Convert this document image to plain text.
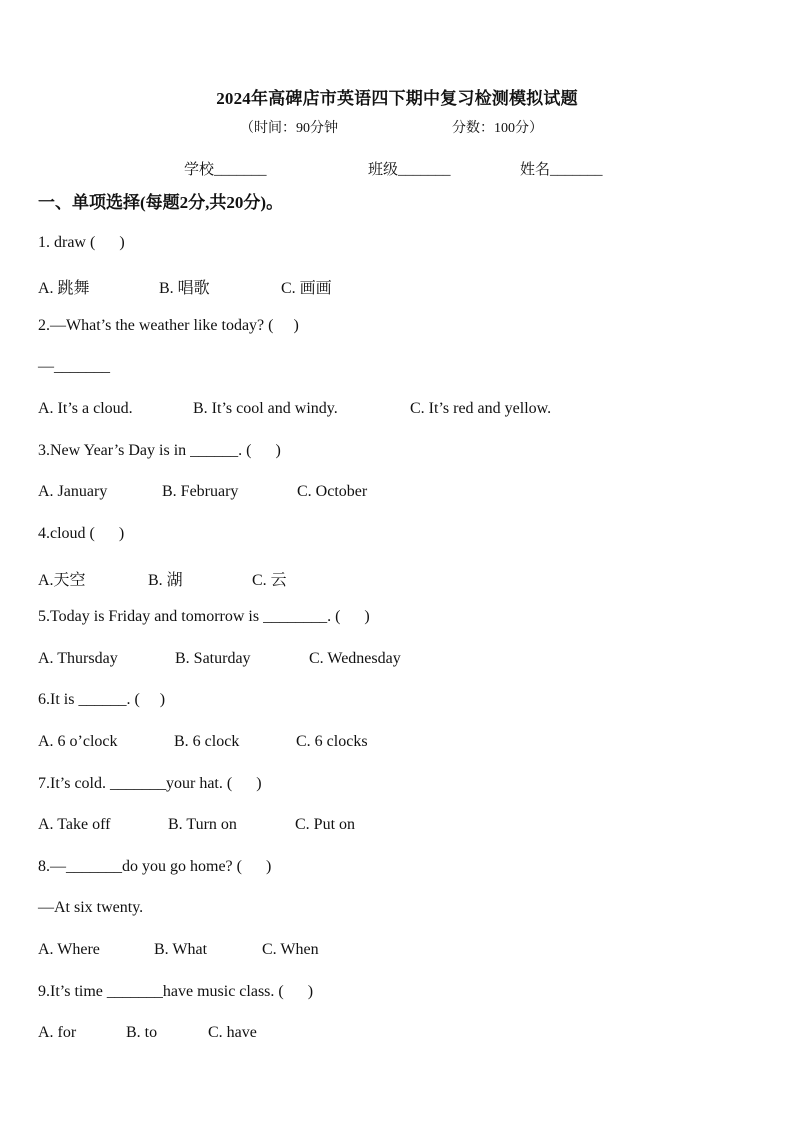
2024年高碑店市英语四下期中复习检测模拟试题
（时间：90分钟	分数：100分）
学校_______	班级_______	姓名_______
一、单项选择(每题2分,共20分)。
1. draw (      )
A. 跳舞	B. 唱歌	C. 画画
2.—What’s the weather like today? (     )
—_______
A. It’s a cloud.	B. It’s cool and windy.	C. It’s red and yellow.
3.New Year’s Day is in ______. (      )
A. January	B. February	C. October
4.cloud (      )
A.天空	B. 湖	C. 云
5.Today is Friday and tomorrow is ________. (      )
A. Thursday	B. Saturday	C. Wednesday
6.It is ______. (     )
A. 6 o’clock	B. 6 clock	C. 6 clocks
7.It’s cold. _______your hat. (      )
A. Take off	B. Turn on	C. Put on
8.—_______do you go home? (      )
—At six twenty.
A. Where	B. What	C. When
9.It’s time _______have music class. (      )
A. for	B. to	C. have
